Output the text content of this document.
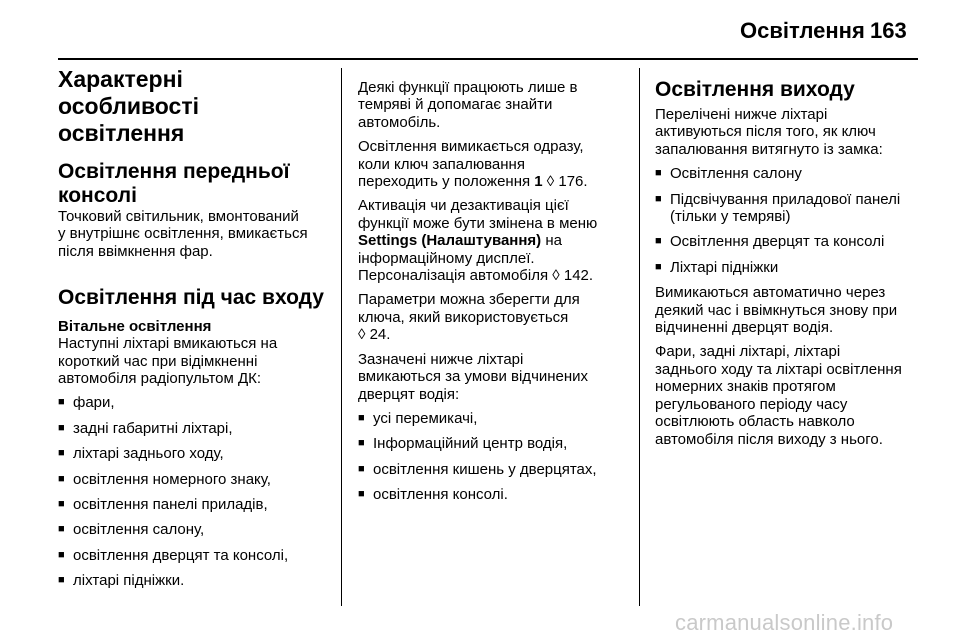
Освітлення 163
Характерні
особливості
освітлення
Освітлення передньої
консолі

Точковий світильник, вмонтований
у внутрішнє освітлення, вмикається
після ввімкнення фар.

Освітлення під час входу
Вітальне освітлення

Наступні ліхтарі вмикаються на
короткий час при відімкненні
автомобіля радіопультом ДК:

■ фари,
■ задні габаритні ліхтарі,
■ ліхтарі заднього ходу,
■ освітлення номерного знаку,
■ освітлення панелі приладів,
■ освітлення салону,
■ освітлення дверцят та консолі,
■ ліхтарі підніжки.

Деякі функції працюють лише в
темряві й допомагає знайти
автомобіль.

Освітлення вимикається одразу,
коли ключ запалювання
переходить у положення 1 ◊ 176.

Активація чи дезактивація цієї
функції може бути змінена в меню
Settings (Налаштування) на
інформаційному дисплеї.
Персоналізація автомобіля ◊ 142.

Параметри можна зберегти для
ключа, який використовується
◊ 24.

Зазначені нижче ліхтарі
вмикаються за умови відчинених
дверцят водія:

■ усі перемикачі,
■ Інформаційний центр водія,
■ освітлення кишень у дверцятах,
■ освітлення консолі.
Освітлення виходу

Перелічені нижче ліхтарі
активуються після того, як ключ
запалювання витягнуто із замка:

■ Освітлення салону
■ Підсвічування приладової панелі
(тільки у темряві)
■ Освітлення дверцят та консолі
■ Ліхтарі підніжки

Вимикаються автоматично через
деякий час і ввімкнуться знову при
відчиненні дверцят водія.

Фари, задні ліхтарі, ліхтарі
заднього ходу та ліхтарі освітлення
номерних знаків протягом
регульованого періоду часу
освітлюють область навколо
автомобіля після виходу з нього.

carmanualsonline.info
